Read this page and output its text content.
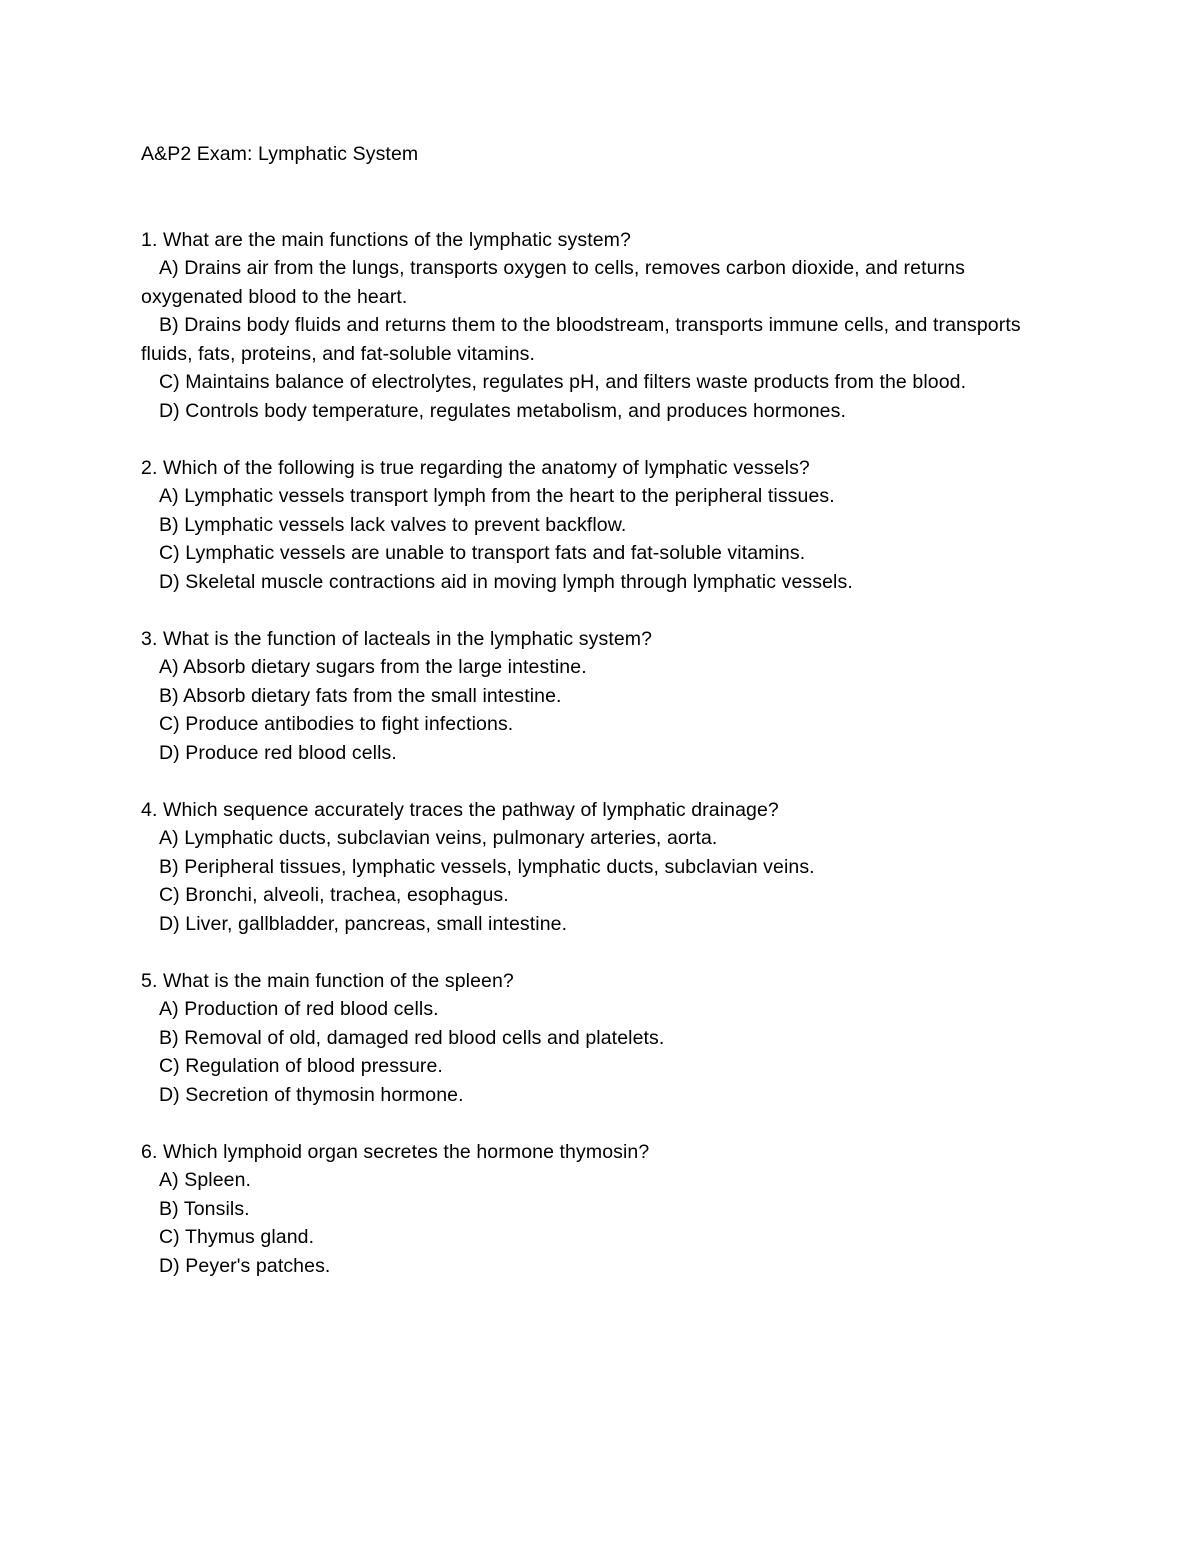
A&P2 Exam: Lymphatic System

1. What are the main functions of the lymphatic system?

A) Drains air from the lungs, transports oxygen to cells, removes carbon dioxide, and returns oxygenated blood to the heart.
B) Drains body fluids and returns them to the bloodstream, transports immune cells, and transports fluids, fats, proteins, and fat-soluble vitamins.
C) Maintains balance of electrolytes, regulates pH, and filters waste products from the blood.
D) Controls body temperature, regulates metabolism, and produces hormones.

2. Which of the following is true regarding the anatomy of lymphatic vessels?

A) Lymphatic vessels transport lymph from the heart to the peripheral tissues.
B) Lymphatic vessels lack valves to prevent backflow.
C) Lymphatic vessels are unable to transport fats and fat-soluble vitamins.
D) Skeletal muscle contractions aid in moving lymph through lymphatic vessels.

3. What is the function of lacteals in the lymphatic system?

A) Absorb dietary sugars from the large intestine.
B) Absorb dietary fats from the small intestine.
C) Produce antibodies to fight infections.
D) Produce red blood cells.

4. Which sequence accurately traces the pathway of lymphatic drainage?

A) Lymphatic ducts, subclavian veins, pulmonary arteries, aorta.
B) Peripheral tissues, lymphatic vessels, lymphatic ducts, subclavian veins.
C) Bronchi, alveoli, trachea, esophagus.
D) Liver, gallbladder, pancreas, small intestine.

5. What is the main function of the spleen?

A) Production of red blood cells.
B) Removal of old, damaged red blood cells and platelets.
C) Regulation of blood pressure.
D) Secretion of thymosin hormone.

6. Which lymphoid organ secretes the hormone thymosin?

A) Spleen.
B) Tonsils.
C) Thymus gland.
D) Peyer's patches.
